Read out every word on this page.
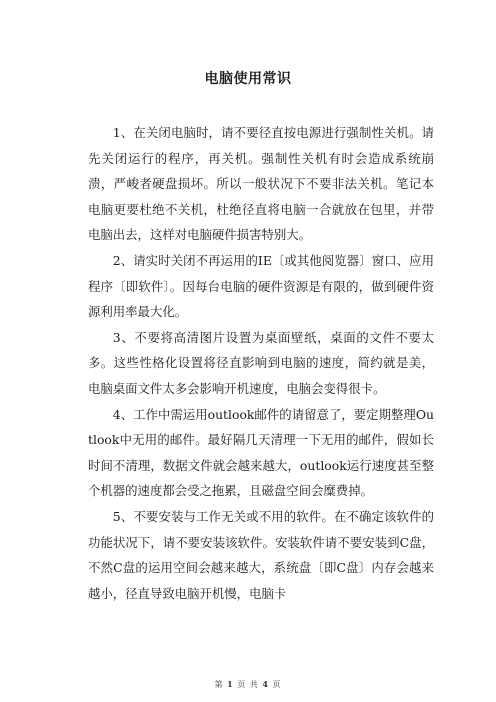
电脑使用常识

1、在关闭电脑时，请不要径直按电源进行强制性关机。请先关闭运行的程序，再关机。强制性关机有时会造成系统崩溃，严峻者硬盘损坏。所以一般状况下不要非法关机。笔记本电脑更要杜绝不关机，杜绝径直将电脑一合就放在包里，并带电脑出去，这样对电脑硬件损害特别大。

2、请实时关闭不再运用的IE〔或其他阅览器〕窗口、应用程序〔即软件〕。因每台电脑的硬件资源是有限的，做到硬件资源利用率最大化。

3、不要将高清图片设置为桌面壁纸，桌面的文件不要太多。这些性格化设置将径直影响到电脑的速度，简约就是美，电脑桌面文件太多会影响开机速度，电脑会变得很卡。

4、工作中需运用outlook邮件的请留意了，要定期整理Outlook中无用的邮件。最好隔几天清理一下无用的邮件，假如长时间不清理，数据文件就会越来越大，outlook运行速度甚至整个机器的速度都会受之拖累，且磁盘空间会糜费掉。

5、不要安装与工作无关或不用的软件。在不确定该软件的功能状况下，请不要安装该软件。安装软件请不要安装到C盘，不然C盘的运用空间会越来越大，系统盘〔即C盘〕内存会越来越小，径直导致电脑开机慢，电脑卡

第 1 页 共 4 页
